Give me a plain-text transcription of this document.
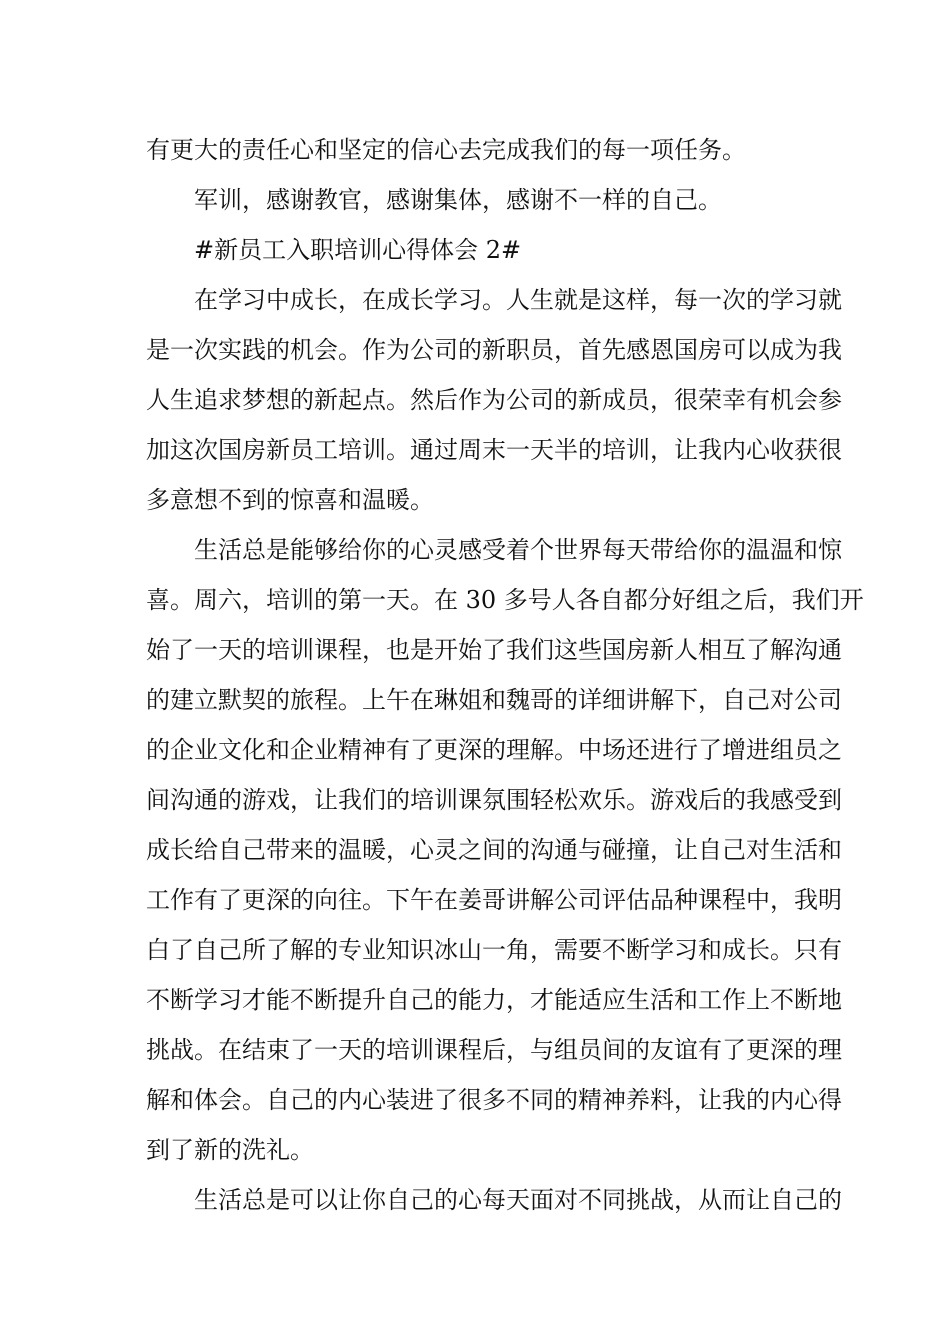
有更大的责任心和坚定的信心去完成我们的每一项任务。
军训，感谢教官，感谢集体，感谢不一样的自己。
#新员工入职培训心得体会 2#
在学习中成长，在成长学习。人生就是这样，每一次的学习就
是一次实践的机会。作为公司的新职员，首先感恩国房可以成为我
人生追求梦想的新起点。然后作为公司的新成员，很荣幸有机会参
加这次国房新员工培训。通过周末一天半的培训，让我内心收获很
多意想不到的惊喜和温暖。
生活总是能够给你的心灵感受着个世界每天带给你的温温和惊
喜。周六，培训的第一天。在 30 多号人各自都分好组之后，我们开
始了一天的培训课程，也是开始了我们这些国房新人相互了解沟通
的建立默契的旅程。上午在琳姐和魏哥的详细讲解下，自己对公司
的企业文化和企业精神有了更深的理解。中场还进行了增进组员之
间沟通的游戏，让我们的培训课氛围轻松欢乐。游戏后的我感受到
成长给自己带来的温暖，心灵之间的沟通与碰撞，让自己对生活和
工作有了更深的向往。下午在姜哥讲解公司评估品种课程中，我明
白了自己所了解的专业知识冰山一角，需要不断学习和成长。只有
不断学习才能不断提升自己的能力，才能适应生活和工作上不断地
挑战。在结束了一天的培训课程后，与组员间的友谊有了更深的理
解和体会。自己的内心装进了很多不同的精神养料，让我的内心得
到了新的洗礼。
生活总是可以让你自己的心每天面对不同挑战，从而让自己的
